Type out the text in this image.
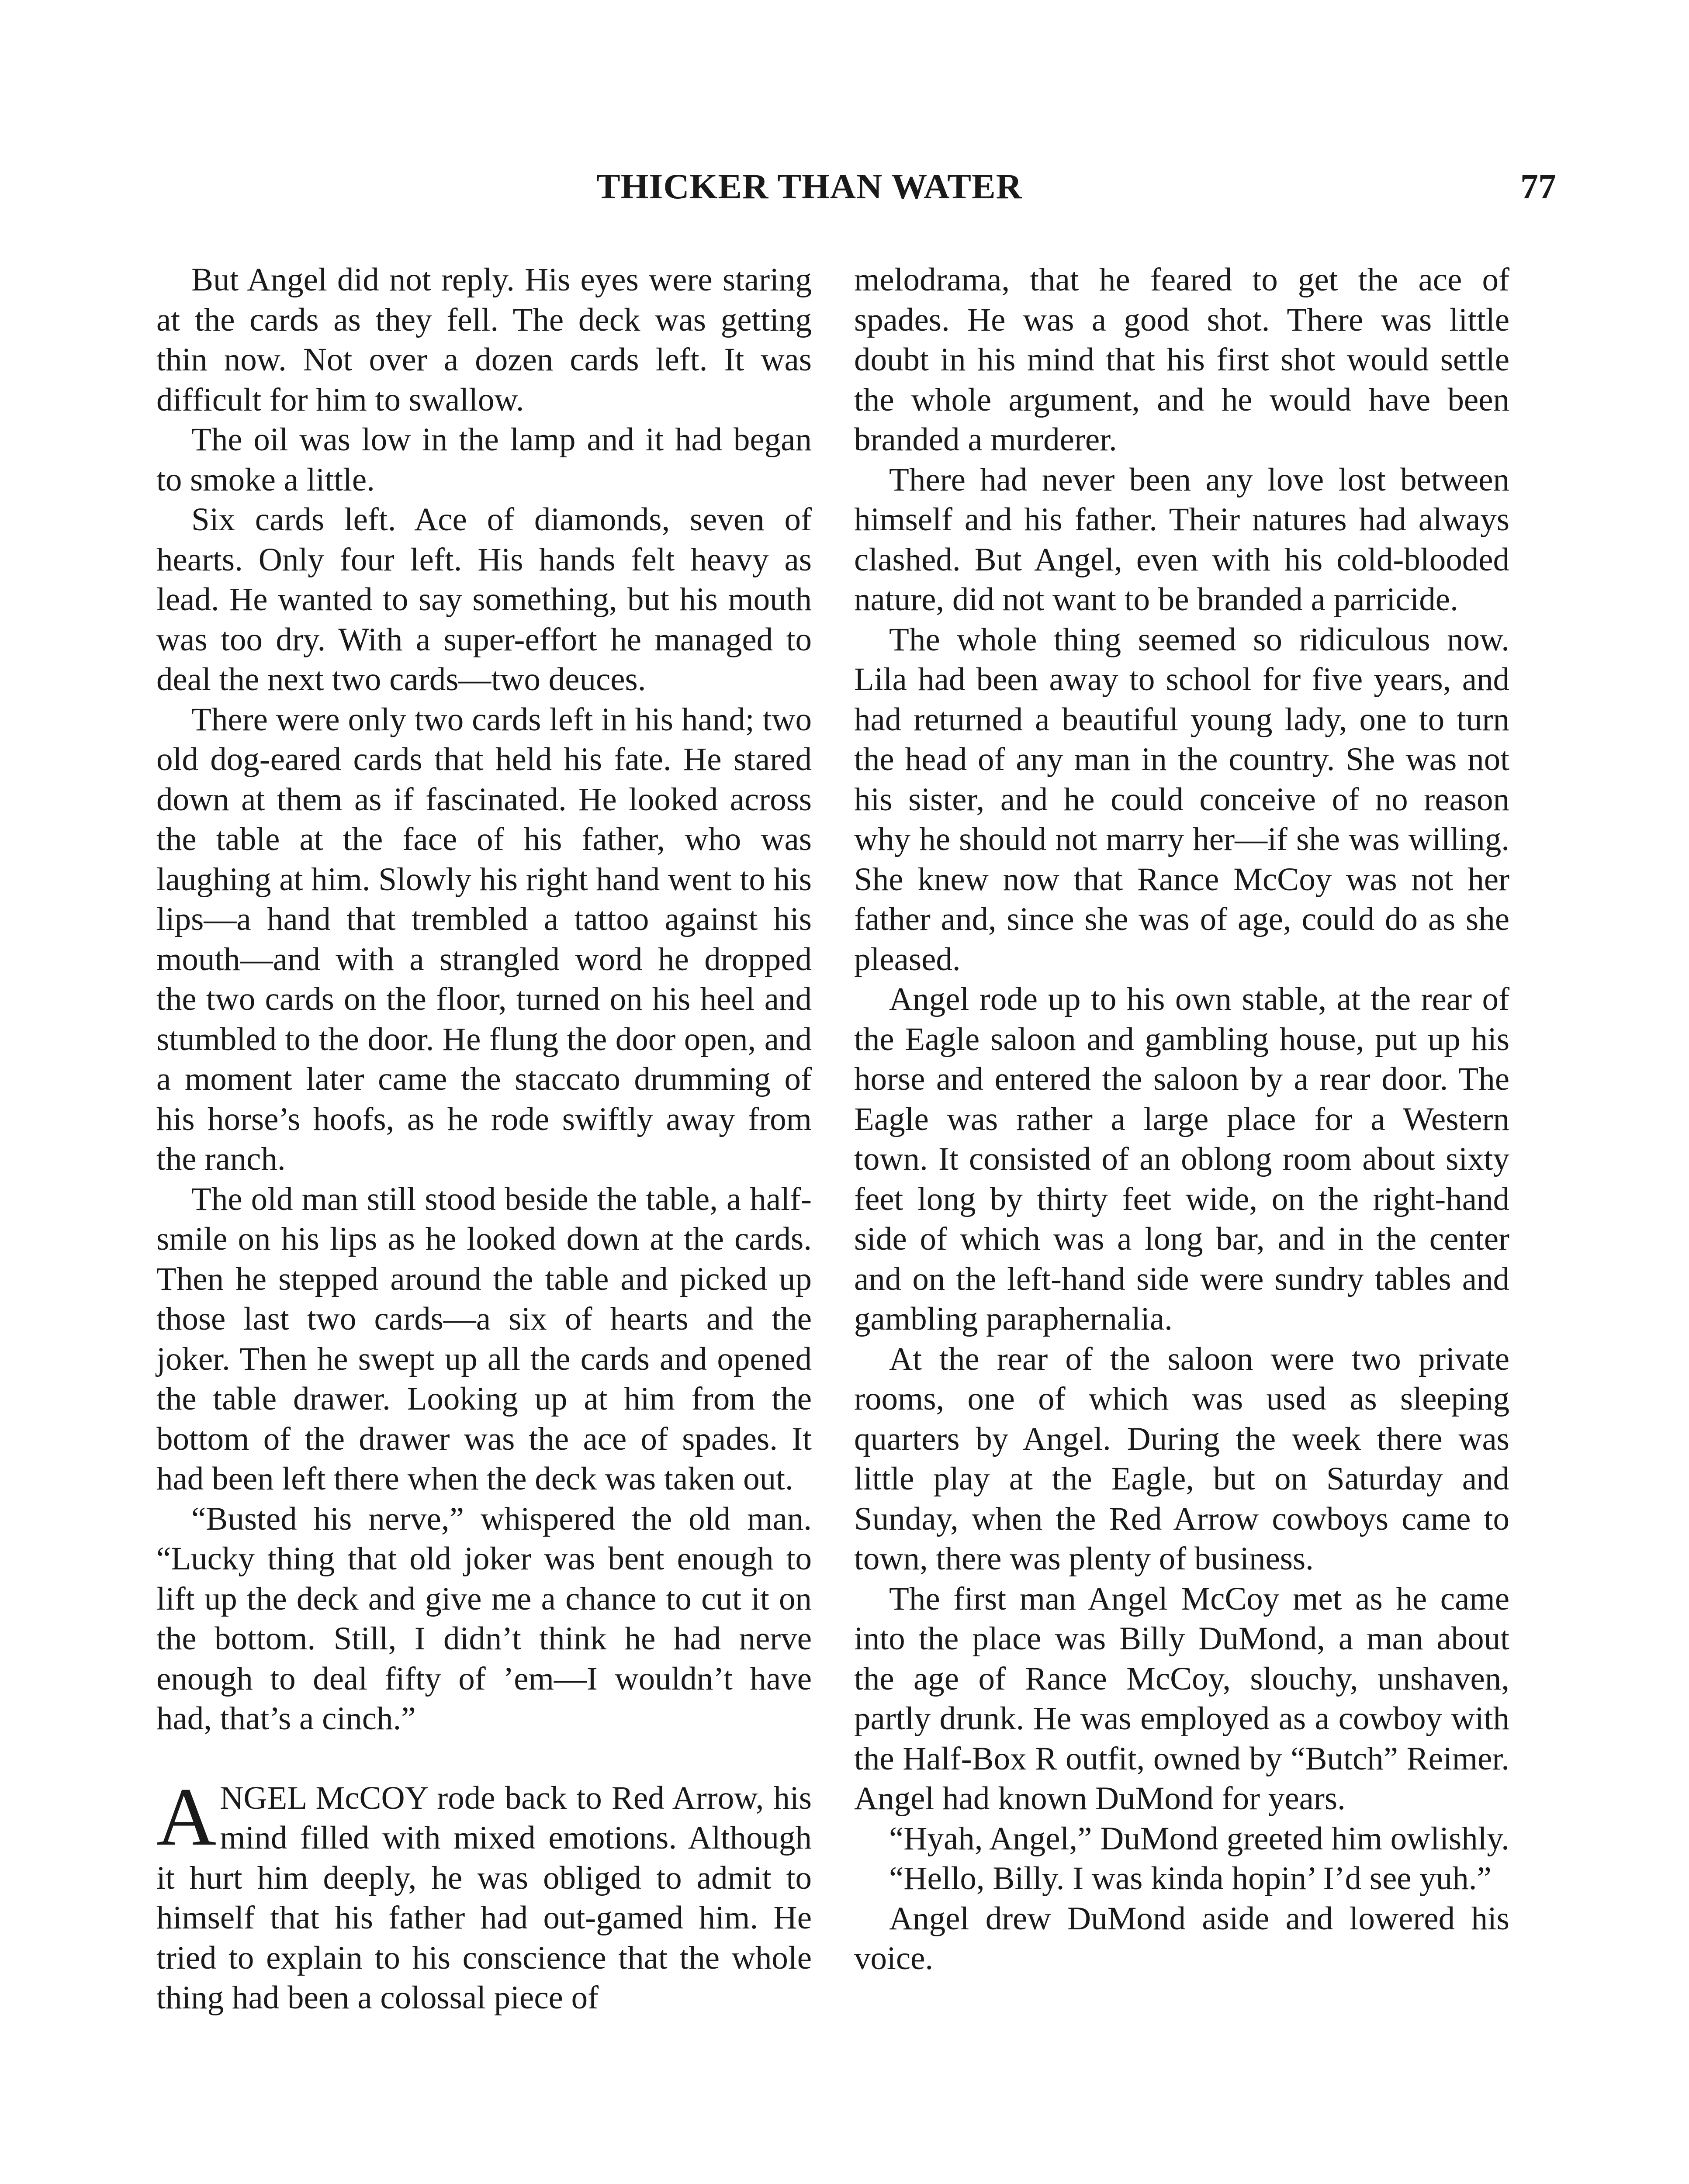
THICKER THAN WATER	77

But Angel did not reply. His eyes were staring at the cards as they fell. The deck was getting thin now. Not over a dozen cards left. It was difficult for him to swallow.

The oil was low in the lamp and it had began to smoke a little.

Six cards left. Ace of diamonds, seven of hearts. Only four left. His hands felt heavy as lead. He wanted to say something, but his mouth was too dry. With a super-effort he managed to deal the next two cards—two deuces.

There were only two cards left in his hand; two old dog-eared cards that held his fate. He stared down at them as if fascinated. He looked across the table at the face of his father, who was laughing at him. Slowly his right hand went to his lips—a hand that trembled a tattoo against his mouth—and with a strangled word he dropped the two cards on the floor, turned on his heel and stumbled to the door. He flung the door open, and a moment later came the staccato drumming of his horse’s hoofs, as he rode swiftly away from the ranch.

The old man still stood beside the table, a half-smile on his lips as he looked down at the cards. Then he stepped around the table and picked up those last two cards—a six of hearts and the joker. Then he swept up all the cards and opened the table drawer. Looking up at him from the bottom of the drawer was the ace of spades. It had been left there when the deck was taken out.

“Busted his nerve,” whispered the old man. “Lucky thing that old joker was bent enough to lift up the deck and give me a chance to cut it on the bottom. Still, I didn’t think he had nerve enough to deal fifty of ’em—I wouldn’t have had, that’s a cinch.”

ANGEL McCOY rode back to Red Arrow, his mind filled with mixed emotions. Although it hurt him deeply, he was obliged to admit to himself that his father had out-gamed him. He tried to explain to his conscience that the whole thing had been a colossal piece of

melodrama, that he feared to get the ace of spades. He was a good shot. There was little doubt in his mind that his first shot would settle the whole argument, and he would have been branded a murderer.

There had never been any love lost between himself and his father. Their natures had always clashed. But Angel, even with his cold-blooded nature, did not want to be branded a parricide.

The whole thing seemed so ridiculous now. Lila had been away to school for five years, and had returned a beautiful young lady, one to turn the head of any man in the country. She was not his sister, and he could conceive of no reason why he should not marry her—if she was willing. She knew now that Rance McCoy was not her father and, since she was of age, could do as she pleased.

Angel rode up to his own stable, at the rear of the Eagle saloon and gambling house, put up his horse and entered the saloon by a rear door. The Eagle was rather a large place for a Western town. It consisted of an oblong room about sixty feet long by thirty feet wide, on the right-hand side of which was a long bar, and in the center and on the left-hand side were sundry tables and gambling paraphernalia.

At the rear of the saloon were two private rooms, one of which was used as sleeping quarters by Angel. During the week there was little play at the Eagle, but on Saturday and Sunday, when the Red Arrow cowboys came to town, there was plenty of business.

The first man Angel McCoy met as he came into the place was Billy DuMond, a man about the age of Rance McCoy, slouchy, unshaven, partly drunk. He was employed as a cowboy with the Half-Box R outfit, owned by “Butch” Reimer. Angel had known DuMond for years.

“Hyah, Angel,” DuMond greeted him owlishly.

“Hello, Billy. I was kinda hopin’ I’d see yuh.”

Angel drew DuMond aside and lowered his voice.
